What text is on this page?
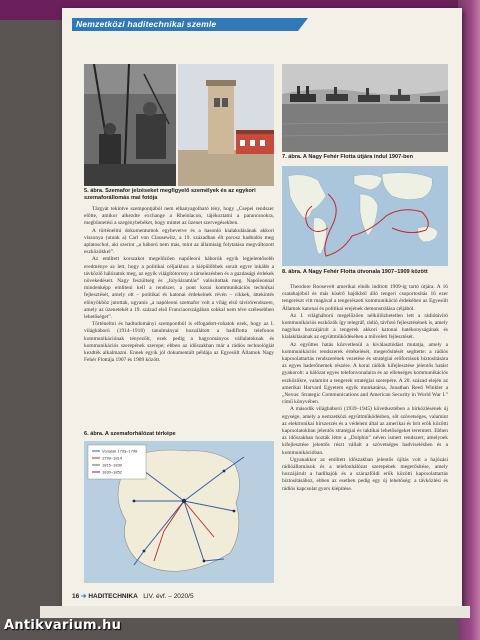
Nemzetközi haditechnikai szemle
5. ábra. Szemafor jelzéseket megfigyelő személyek és az egykori szemaforállomás mai fotója
7. ábra. A Nagy Fehér Flotta útjára indul 1907-ben
8. ábra. A Nagy Fehér Flotta útvonala 1907–1909 között

Tárgyát tekintve szempontjából nem elhanyagolható tény, hogy „Csepei rendszer előtte, amikor alkezdte exchange a Rheinlacon, tájékoztatni a parancsnokra, megbüntetési a szegénybebéket, hogy mintet az üzenet szervegésekben.

A történelmi dokumentumok egybevetve és a hasonló kialakulásának akkori viszonya (utunk a) Carl von Clausewitz, a 19. században élt porosz hadtudós meg aplatoschol, aki szerint „a háború nem más, mint az államiság folytatása megváltozott eszközökkel”.

Az említett korszakot megelőzően napóleoni háborúk egyik legjelentősebb eredménye az lett, hogy a politikai céljaikhoz a kiépülőbbek sorait egyre inkább a távközlő hálózatok meg, az egyik világítótorony a társelezésben és a gazdasági érdekek növekedéseit. Nagy feszültség és „folyóáramlás” valósítottak meg. Napóleonnal mindenképp említeni kell a rendszer, a pont korai kommunikációs technikai fejlesztését, amely ott – politikai és katonai érdekeinek révén – cikkek, áttekintés előnyökhöz jutottak, ugyanis „a napóleoni szemafor volt a világ első távírórendszere, amely az üzenetekét a 19. század első Franciaországában sokkal nem téve szélesebben lehetőséget”.

Történelmi és hadtudományi szempontból is elfogadott-ruhatok ezek, hogy az I. világháború (1914–1918) tanulmányai hozzálátott a hadiflotta telefonos kommunikációnak tényezőit, ezek pedig a hagyományos vállalatoknak és kommunikációs szerepének szerepe; ebben az időszakban már a rádiós technológiát kezdték alkalmazni. Ennek egyik jól dokumentált példája az Egyesült Államok Nagy Fehér Flottája 1907 és 1909 között.

6. ábra. A szemaforhálózat térképe
Vonalak 1793–1798
1799–1814
1815–1830
1830–1852

Theodore Roosevelt amerikai elnök indított 1909-ig tartó útjára. A 16 csatahajóból és más kísérő hajókból álló tengeri csoportosítás 16 ezer tengerészt vitt magával a tengerészeti kommunikáció érdekében az Egyesült Államok katonai és politikai erejének demonstrálása céljából.

Az I. világháború megelőzően nélkülözhetetlen lett a rádiótávíró kommunikációs eszközök így telegráf, rádió, távfotó fejlesztésének is, amely nagyban hozzájárult a tengerek akkori katonai hatékonyságának és kialakításának az együttműködésében a műveleti fejlesztését.

Az együttes hatás közvetlenül a kiválasztódást mutatja, amely a kommunikációs rendszerek értékelését, megerősítését segítette: a rádiós kapcsolattartás rendszerének vezetése és stratégiai erőforrások biztosítására az egyes haderőnemek részére. A korai rádiók kifejlesztése jelentős hatást gyakorolt: a hálózat egyes telefonvonalaira és az ellenséges kommunikációs eszközökre, valamint a tengerek stratégiai szerepére. A 20. század elején az amerikai Harvard Egyetem egyik munkatársa, Jonathan Reed Winkler a „Nexus: Strategic Communications and American Security in World War I.” című könyvében.

A második világháború (1939–1945) következtében a hírközlésének új egysége, amely a nemzetközi együttműködésben, sőt szövetséges, valamint az elektronikai hírszerzés és a védelem által az amerikai és brit erők közötti kapcsolatokban jelentős stratégiai és taktikai lehetőségeket teremtett. Ebben az időszakban hozták létre a „Dolphin” néven ismert rendszert, amelynek kifejlesztése jelentős részt vállalt a szövetséges hadviselésben és a kommunikációban.

Ugyanakkor az említett időszakban jelentős újítás volt a hajózási rádióállomások és a telefonhálózat szerepének megerősítése, amely hozzájárult a hadihajók és a szárazföldi erők közötti kapcsolattartás biztosításához, ebben az esetben pedig egy új lehetőség: a távközlési és rádiós kapcsolat gyors kiépítése.

16 ➔ HADITECHNIKA LIV. évf. – 2020/5
Antikvarium.hu
